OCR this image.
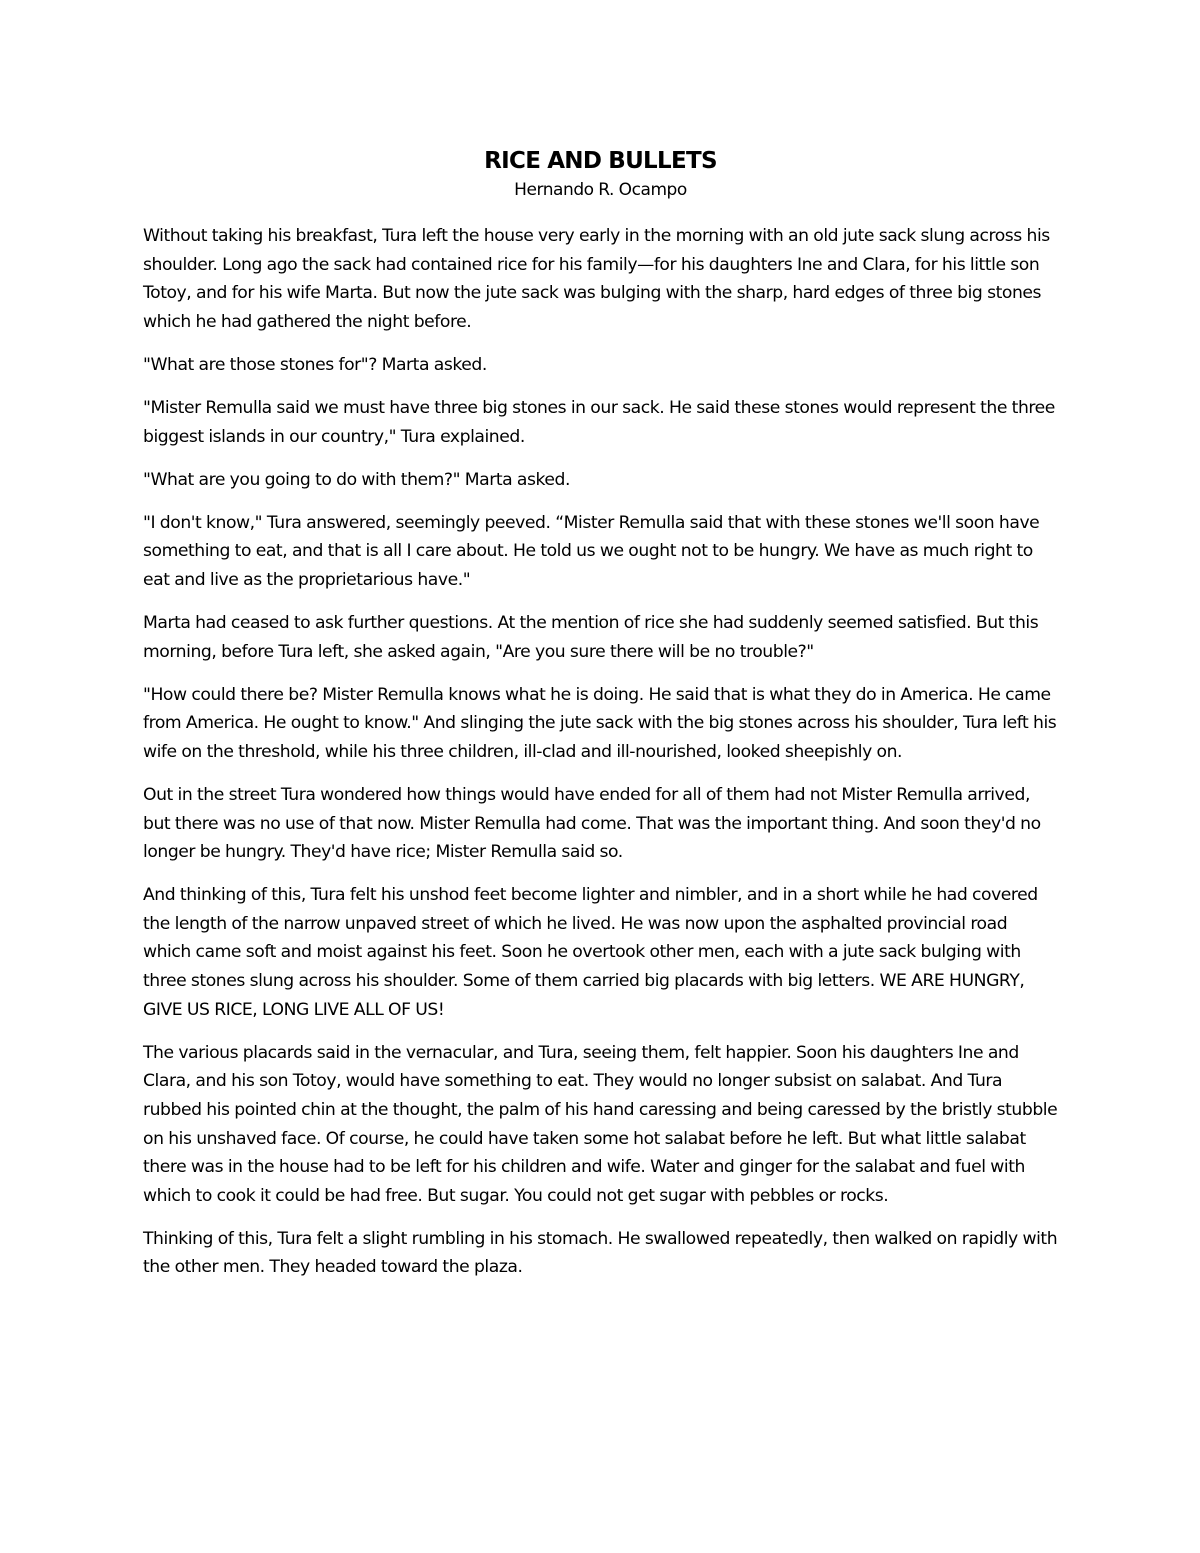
RICE AND BULLETS

Hernando R. Ocampo

Without taking his breakfast, Tura left the house very early in the morning with an old jute sack slung across his shoulder. Long ago the sack had contained rice for his family—for his daughters Ine and Clara, for his little son Totoy, and for his wife Marta. But now the jute sack was bulging with the sharp, hard edges of three big stones which he had gathered the night before.

"What are those stones for"? Marta asked.

"Mister Remulla said we must have three big stones in our sack. He said these stones would represent the three biggest islands in our country," Tura explained.

"What are you going to do with them?" Marta asked.

"I don't know," Tura answered, seemingly peeved. “Mister Remulla said that with these stones we'll soon have something to eat, and that is all I care about. He told us we ought not to be hungry. We have as much right to eat and live as the proprietarious have."

Marta had ceased to ask further questions. At the mention of rice she had suddenly seemed satisfied. But this morning, before Tura left, she asked again, "Are you sure there will be no trouble?"

"How could there be? Mister Remulla knows what he is doing. He said that is what they do in America. He came from America. He ought to know." And slinging the jute sack with the big stones across his shoulder, Tura left his wife on the threshold, while his three children, ill-clad and ill-nourished, looked sheepishly on.

Out in the street Tura wondered how things would have ended for all of them had not Mister Remulla arrived, but there was no use of that now. Mister Remulla had come. That was the important thing. And soon they'd no longer be hungry. They'd have rice; Mister Remulla said so.

And thinking of this, Tura felt his unshod feet become lighter and nimbler, and in a short while he had covered the length of the narrow unpaved street of which he lived. He was now upon the asphalted provincial road which came soft and moist against his feet. Soon he overtook other men, each with a jute sack bulging with three stones slung across his shoulder. Some of them carried big placards with big letters. WE ARE HUNGRY, GIVE US RICE, LONG LIVE ALL OF US!

The various placards said in the vernacular, and Tura, seeing them, felt happier. Soon his daughters Ine and Clara, and his son Totoy, would have something to eat. They would no longer subsist on salabat. And Tura rubbed his pointed chin at the thought, the palm of his hand caressing and being caressed by the bristly stubble on his unshaved face. Of course, he could have taken some hot salabat before he left. But what little salabat there was in the house had to be left for his children and wife. Water and ginger for the salabat and fuel with which to cook it could be had free. But sugar. You could not get sugar with pebbles or rocks.

Thinking of this, Tura felt a slight rumbling in his stomach. He swallowed repeatedly, then walked on rapidly with the other men. They headed toward the plaza.
